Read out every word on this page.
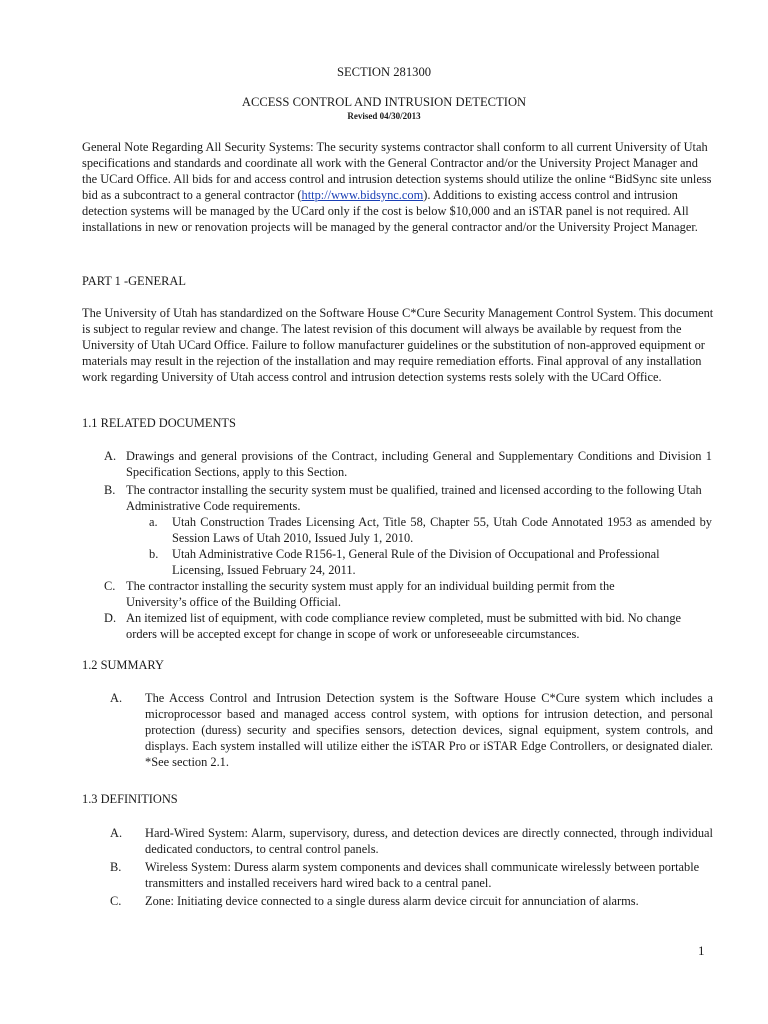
SECTION 281300
ACCESS CONTROL AND INTRUSION DETECTION
Revised 04/30/2013

General Note Regarding All Security Systems: The security systems contractor shall conform to all current University of Utah specifications and standards and coordinate all work with the General Contractor and/or the University Project Manager and the UCard Office. All bids for and access control and intrusion detection systems should utilize the online “BidSync site unless bid as a subcontract to a general contractor (http://www.bidsync.com). Additions to existing access control and intrusion detection systems will be managed by the UCard only if the cost is below $10,000 and an iSTAR panel is not required. All installations in new or renovation projects will be managed by the general contractor and/or the University Project Manager.

PART 1 -GENERAL

The University of Utah has standardized on the Software House C*Cure Security Management Control System. This document is subject to regular review and change. The latest revision of this document will always be available by request from the University of Utah UCard Office. Failure to follow manufacturer guidelines or the substitution of non-approved equipment or materials may result in the rejection of the installation and may require remediation efforts. Final approval of any installation work regarding University of Utah access control and intrusion detection systems rests solely with the UCard Office.

1.1 RELATED DOCUMENTS
A. Drawings and general provisions of the Contract, including General and Supplementary Conditions and Division 1 Specification Sections, apply to this Section.
B. The contractor installing the security system must be qualified, trained and licensed according to the following Utah Administrative Code requirements.
a. Utah Construction Trades Licensing Act, Title 58, Chapter 55, Utah Code Annotated 1953 as amended by Session Laws of Utah 2010, Issued July 1, 2010.
b. Utah Administrative Code R156-1, General Rule of the Division of Occupational and Professional Licensing, Issued February 24, 2011.
C. The contractor installing the security system must apply for an individual building permit from the University’s office of the Building Official.
D. An itemized list of equipment, with code compliance review completed, must be submitted with bid. No change orders will be accepted except for change in scope of work or unforeseeable circumstances.
1.2 SUMMARY
A. The Access Control and Intrusion Detection system is the Software House C*Cure system which includes a microprocessor based and managed access control system, with options for intrusion detection, and personal protection (duress) security and specifies sensors, detection devices, signal equipment, system controls, and displays. Each system installed will utilize either the iSTAR Pro or iSTAR Edge Controllers, or designated dialer. *See section 2.1.
1.3 DEFINITIONS
A. Hard-Wired System: Alarm, supervisory, duress, and detection devices are directly connected, through individual dedicated conductors, to central control panels.
B. Wireless System: Duress alarm system components and devices shall communicate wirelessly between portable transmitters and installed receivers hard wired back to a central panel.
C. Zone: Initiating device connected to a single duress alarm device circuit for annunciation of alarms.
1
